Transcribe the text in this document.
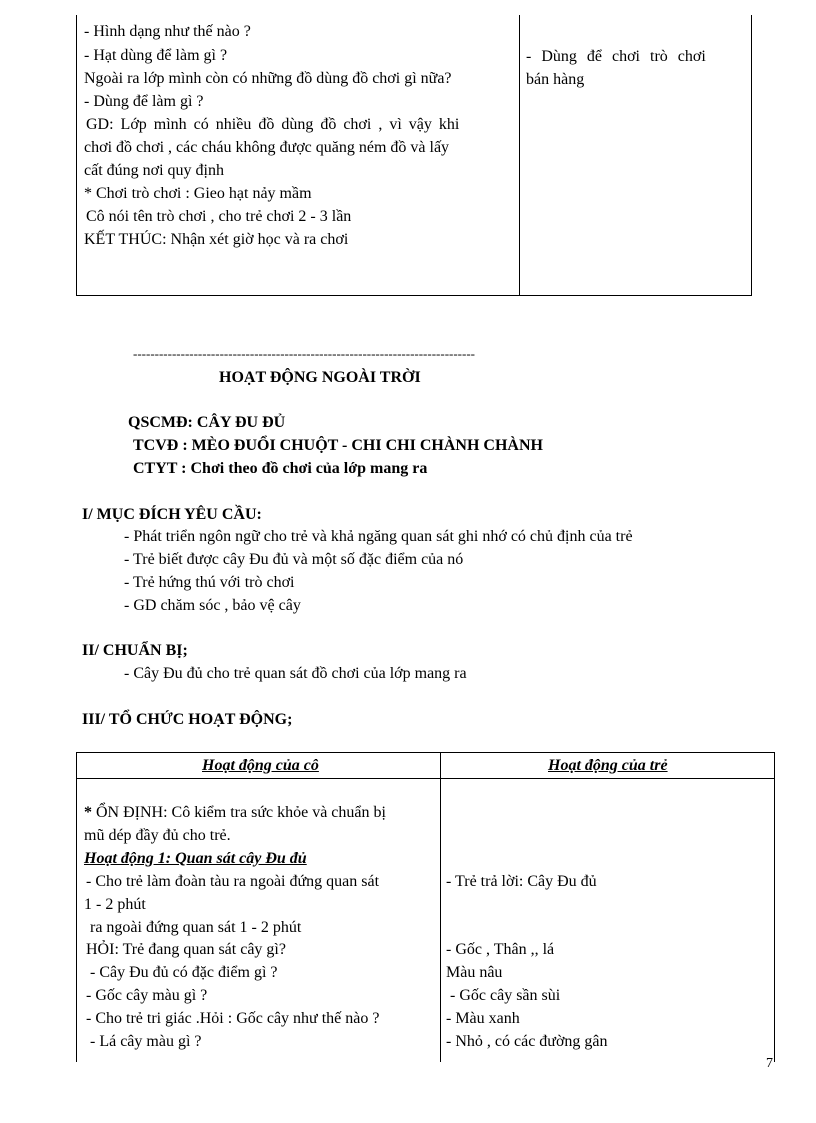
- Hình dạng như thế nào ?
- Hạt dùng để làm gì ?
Ngoài ra lớp mình còn có những đồ dùng đồ chơi gì nữa?
- Dùng để làm gì ?
GD: Lớp mình có nhiều đồ dùng đồ chơi , vì vậy khi
chơi đồ chơi , các cháu không được quăng ném đồ và lấy
cất đúng nơi quy định
* Chơi trò chơi : Gieo hạt nảy mầm
Cô nói tên trò chơi , cho trẻ chơi 2 - 3 lần
KẾT THÚC: Nhận xét giờ học và ra chơi
- Dùng để chơi trò chơi
bán hàng
-------------------------------------------------------------------------------
HOẠT ĐỘNG NGOÀI TRỜI
QSCMĐ: CÂY ĐU ĐỦ
TCVĐ : MÈO ĐUỔI CHUỘT - CHI CHI CHÀNH CHÀNH
CTYT : Chơi theo đồ chơi của lớp mang ra
I/ MỤC ĐÍCH YÊU CẦU:
- Phát triển ngôn ngữ cho trẻ và khả ngăng quan sát ghi nhớ có chủ định của trẻ
- Trẻ biết được cây Đu đủ và một số đặc điểm của nó
- Trẻ hứng thú với trò chơi
- GD chăm sóc , bảo vệ cây
II/ CHUẨN BỊ;
- Cây Đu đủ cho trẻ quan sát đồ chơi của lớp mang ra
III/ TỔ CHỨC HOẠT ĐỘNG;
Hoạt động của cô	Hoạt động của trẻ
* ỔN ĐỊNH: Cô kiểm tra sức khỏe và chuẩn bị
mũ dép đầy đủ cho trẻ.
Hoạt động 1: Quan sát cây Đu đủ
- Cho trẻ làm đoàn tàu ra ngoài đứng quan sát
1 - 2 phút
ra ngoài đứng quan sát 1 - 2 phút
HỎI: Trẻ đang quan sát cây gì?
- Cây Đu đủ có đặc điểm gì ?
- Gốc cây màu gì ?
- Cho trẻ tri giác .Hỏi : Gốc cây như thế nào ?
- Lá cây màu gì ?
- Trẻ trả lời: Cây Đu đủ
- Gốc , Thân ,, lá
Màu nâu
- Gốc cây sần sùi
- Màu xanh
- Nhỏ , có các đường gân
7
